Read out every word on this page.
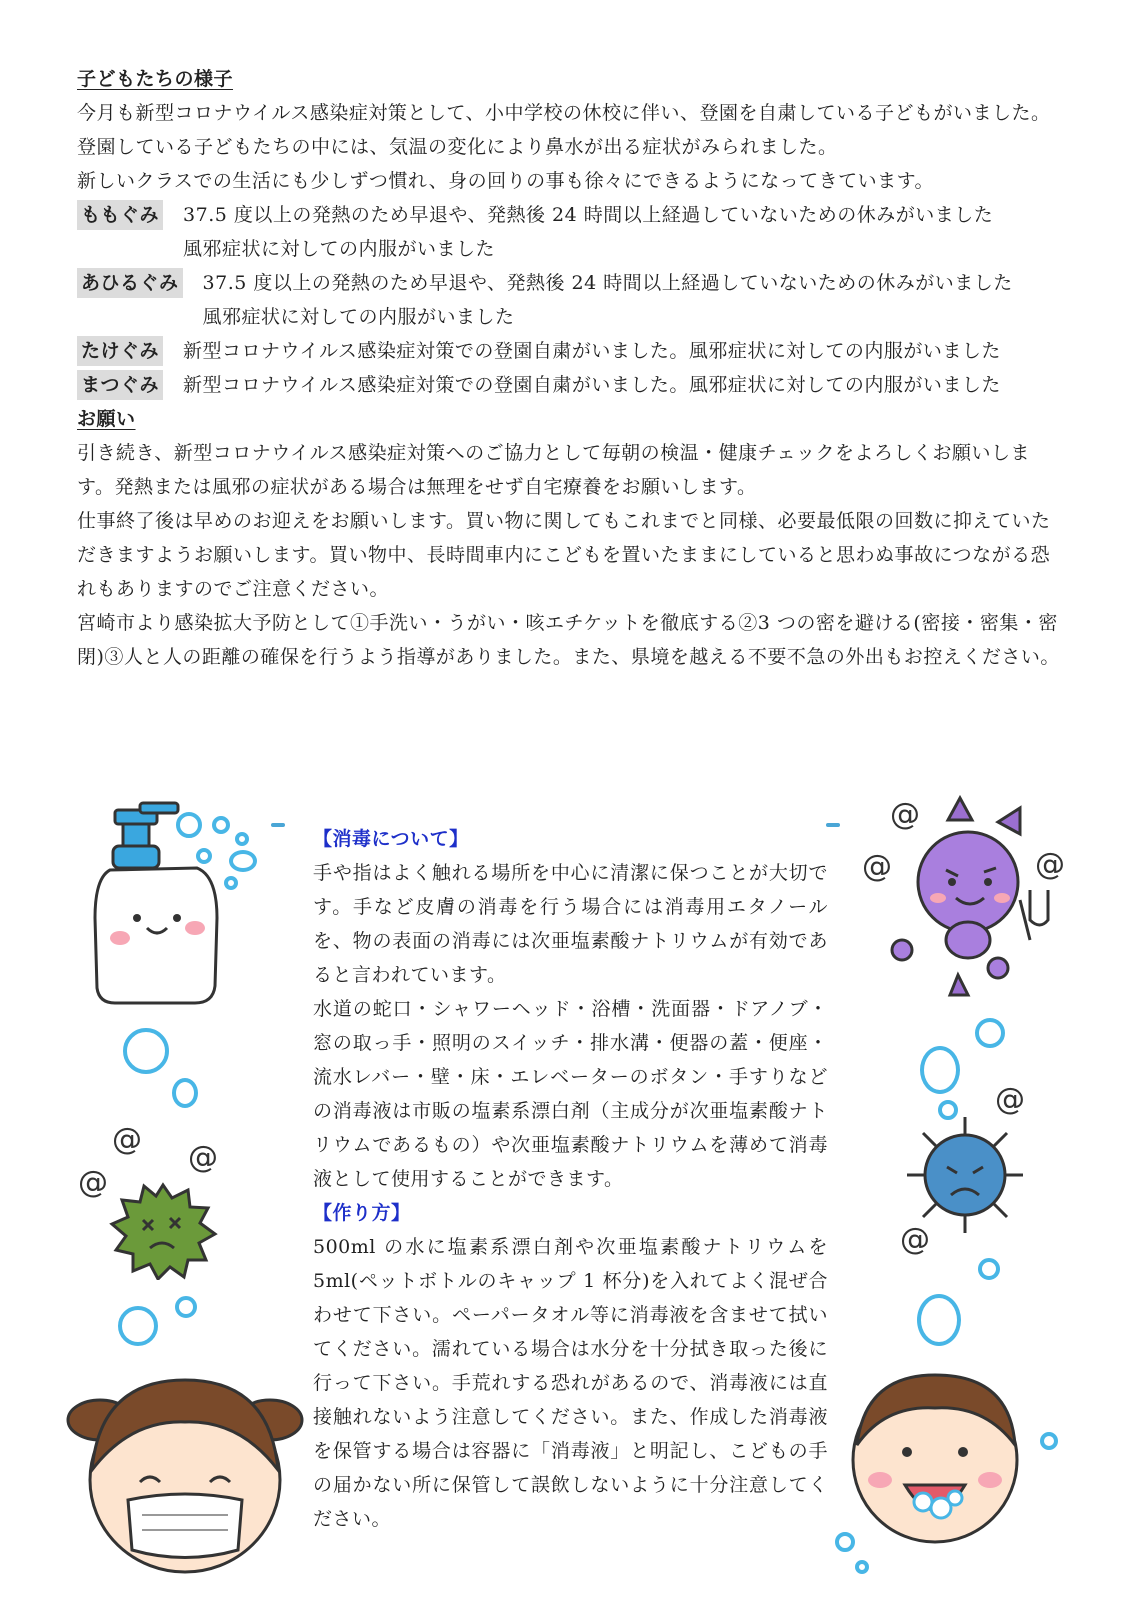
子どもたちの様子

今月も新型コロナウイルス感染症対策として、小中学校の休校に伴い、登園を自粛している子どもがいました。

登園している子どもたちの中には、気温の変化により鼻水が出る症状がみられました。

新しいクラスでの生活にも少しずつ慣れ、身の回りの事も徐々にできるようになってきています。

ももぐみ 37.5 度以上の発熱のため早退や、発熱後 24 時間以上経過していないための休みがいました
風邪症状に対しての内服がいました
あひるぐみ 37.5 度以上の発熱のため早退や、発熱後 24 時間以上経過していないための休みがいました
風邪症状に対しての内服がいました
たけぐみ 新型コロナウイルス感染症対策での登園自粛がいました。風邪症状に対しての内服がいました
まつぐみ 新型コロナウイルス感染症対策での登園自粛がいました。風邪症状に対しての内服がいました

お願い

引き続き、新型コロナウイルス感染症対策へのご協力として毎朝の検温・健康チェックをよろしくお願いします。発熱または風邪の症状がある場合は無理をせず自宅療養をお願いします。

仕事終了後は早めのお迎えをお願いします。買い物に関してもこれまでと同様、必要最低限の回数に抑えていただきますようお願いします。買い物中、長時間車内にこどもを置いたままにしていると思わぬ事故につながる恐れもありますのでご注意ください。

宮崎市より感染拡大予防として①手洗い・うがい・咳エチケットを徹底する②3 つの密を避ける(密接・密集・密閉)③人と人の距離の確保を行うよう指導がありました。また、県境を越える不要不急の外出もお控えください。

【消毒について】

手や指はよく触れる場所を中心に清潔に保つことが大切です。手など皮膚の消毒を行う場合には消毒用エタノールを、物の表面の消毒には次亜塩素酸ナトリウムが有効であると言われています。

水道の蛇口・シャワーヘッド・浴槽・洗面器・ドアノブ・窓の取っ手・照明のスイッチ・排水溝・便器の蓋・便座・流水レバー・壁・床・エレベーターのボタン・手すりなどの消毒液は市販の塩素系漂白剤（主成分が次亜塩素酸ナトリウムであるもの）や次亜塩素酸ナトリウムを薄めて消毒液として使用することができます。

【作り方】

500ml の水に塩素系漂白剤や次亜塩素酸ナトリウムを5ml(ペットボトルのキャップ 1 杯分)を入れてよく混ぜ合わせて下さい。ペーパータオル等に消毒液を含ませて拭いてください。濡れている場合は水分を十分拭き取った後に行って下さい。手荒れする恐れがあるので、消毒液には直接触れないよう注意してください。また、作成した消毒液を保管する場合は容器に「消毒液」と明記し、こどもの手の届かない所に保管して誤飲しないように十分注意してください。

@
@
@
@
@	@
@
@
